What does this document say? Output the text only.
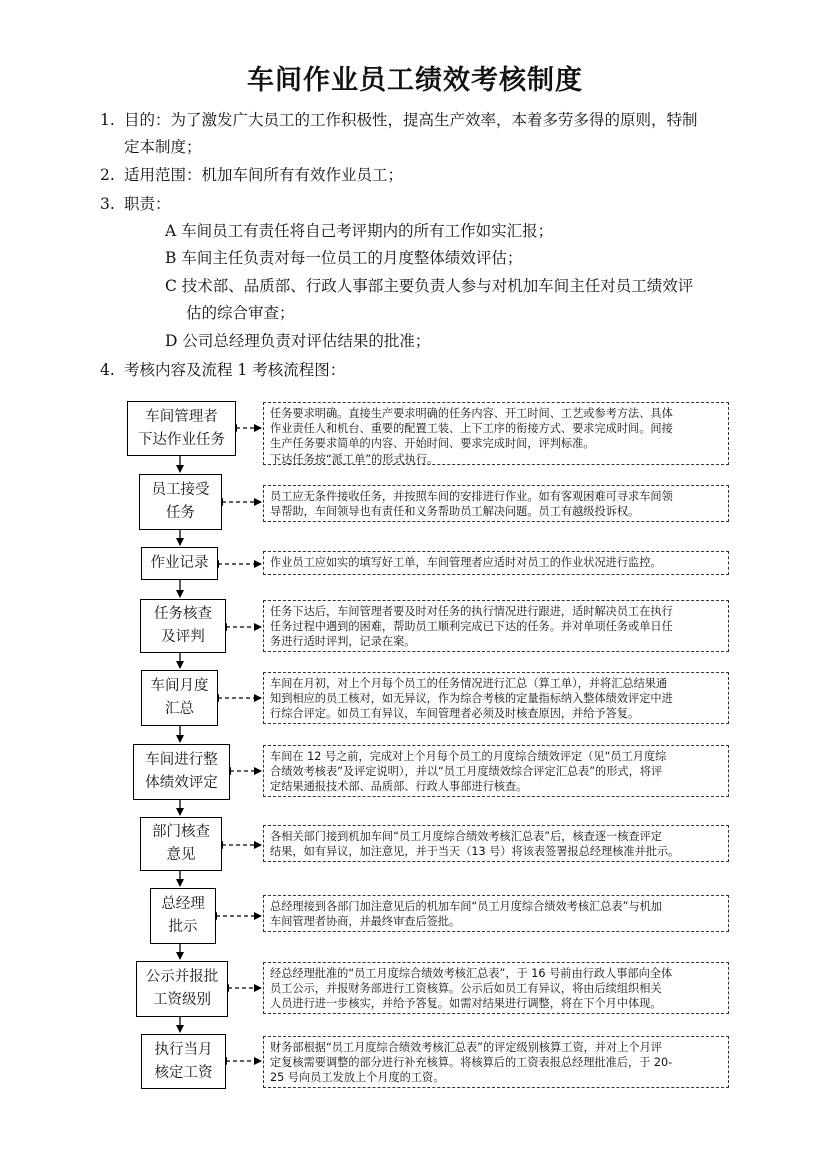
车间作业员工绩效考核制度
1. 目的：为了激发广大员工的工作积极性，提高生产效率，本着多劳多得的原则，特制
定本制度；
2. 适用范围：机加车间所有有效作业员工；
3. 职责：
A 车间员工有责任将自己考评期内的所有工作如实汇报；
B 车间主任负责对每一位员工的月度整体绩效评估；
C 技术部、品质部、行政人事部主要负责人参与对机加车间主任对员工绩效评
估的综合审查；
D 公司总经理负责对评估结果的批准；
4. 考核内容及流程 1 考核流程图：
车间管理者
下达作业任务
员工接受
任务
作业记录
任务核查
及评判
车间月度
汇总
车间进行整
体绩效评定
部门核查
意见
总经理
批示
公示并报批
工资级别
执行当月
核定工资
任务要求明确。直接生产要求明确的任务内容、开工时间、工艺或参考方法、具体
作业责任人和机台、重要的配置工装、上下工序的衔接方式、要求完成时间。间接
生产任务要求简单的内容、开始时间、要求完成时间，评判标准。
下达任务按“派工单”的形式执行。
员工应无条件接收任务，并按照车间的安排进行作业。如有客观困难可寻求车间领
导帮助，车间领导也有责任和义务帮助员工解决问题。员工有越级投诉权。
作业员工应如实的填写好工单，车间管理者应适时对员工的作业状况进行监控。
任务下达后，车间管理者要及时对任务的执行情况进行跟进，适时解决员工在执行
任务过程中遇到的困难，帮助员工顺利完成已下达的任务。并对单项任务或单日任
务进行适时评判，记录在案。
车间在月初，对上个月每个员工的任务情况进行汇总（算工单），并将汇总结果通
知到相应的员工核对，如无异议，作为综合考核的定量指标纳入整体绩效评定中进
行综合评定。如员工有异议，车间管理者必须及时核查原因，并给予答复。
车间在 12 号之前，完成对上个月每个员工的月度综合绩效评定（见“员工月度综
合绩效考核表”及评定说明），并以“员工月度绩效综合评定汇总表”的形式，将评
定结果通报技术部、品质部、行政人事部进行核查。
各相关部门接到机加车间“员工月度综合绩效考核汇总表”后，核查逐一核查评定
结果，如有异议，加注意见，并于当天（13 号）将该表签署报总经理核准并批示。
总经理接到各部门加注意见后的机加车间“员工月度综合绩效考核汇总表”与机加
车间管理者协商，并最终审查后签批。
经总经理批准的“员工月度综合绩效考核汇总表”，于 16 号前由行政人事部向全体
员工公示，并报财务部进行工资核算。公示后如员工有异议，将由后续组织相关
人员进行进一步核实，并给予答复。如需对结果进行调整，将在下个月中体现。
财务部根据“员工月度综合绩效考核汇总表”的评定级别核算工资，并对上个月评
定复核需要调整的部分进行补充核算。将核算后的工资表报总经理批准后，于 20-
25 号向员工发放上个月度的工资。
